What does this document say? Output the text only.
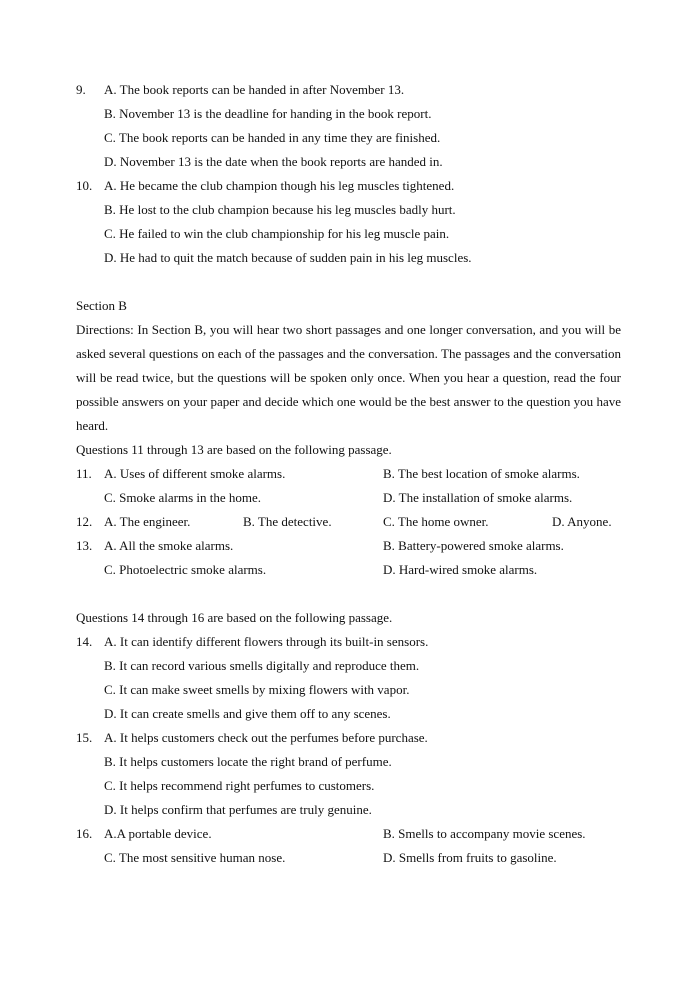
9. A. The book reports can be handed in after November 13.
B. November 13 is the deadline for handing in the book report.
C. The book reports can be handed in any time they are finished.
D. November 13 is the date when the book reports are handed in.
10. A. He became the club champion though his leg muscles tightened.
B. He lost to the club champion because his leg muscles badly hurt.
C. He failed to win the club championship for his leg muscle pain.
D. He had to quit the match because of sudden pain in his leg muscles.
Section B
Directions: In Section B, you will hear two short passages and one longer conversation, and you will be asked several questions on each of the passages and the conversation. The passages and the conversation will be read twice, but the questions will be spoken only once. When you hear a question, read the four possible answers on your paper and decide which one would be the best answer to the question you have heard.
Questions 11 through 13 are based on the following passage.
11. A. Uses of different smoke alarms.	B. The best location of smoke alarms.
C. Smoke alarms in the home.	D. The installation of smoke alarms.
12. A. The engineer.	B. The detective.	C. The home owner.	D. Anyone.
13. A. All the smoke alarms.	B. Battery-powered smoke alarms.
C. Photoelectric smoke alarms.	D. Hard-wired smoke alarms.
Questions 14 through 16 are based on the following passage.
14. A. It can identify different flowers through its built-in sensors.
B. It can record various smells digitally and reproduce them.
C. It can make sweet smells by mixing flowers with vapor.
D. It can create smells and give them off to any scenes.
15. A. It helps customers check out the perfumes before purchase.
B. It helps customers locate the right brand of perfume.
C. It helps recommend right perfumes to customers.
D. It helps confirm that perfumes are truly genuine.
16. A.A portable device.	B. Smells to accompany movie scenes.
C. The most sensitive human nose.	D. Smells from fruits to gasoline.
